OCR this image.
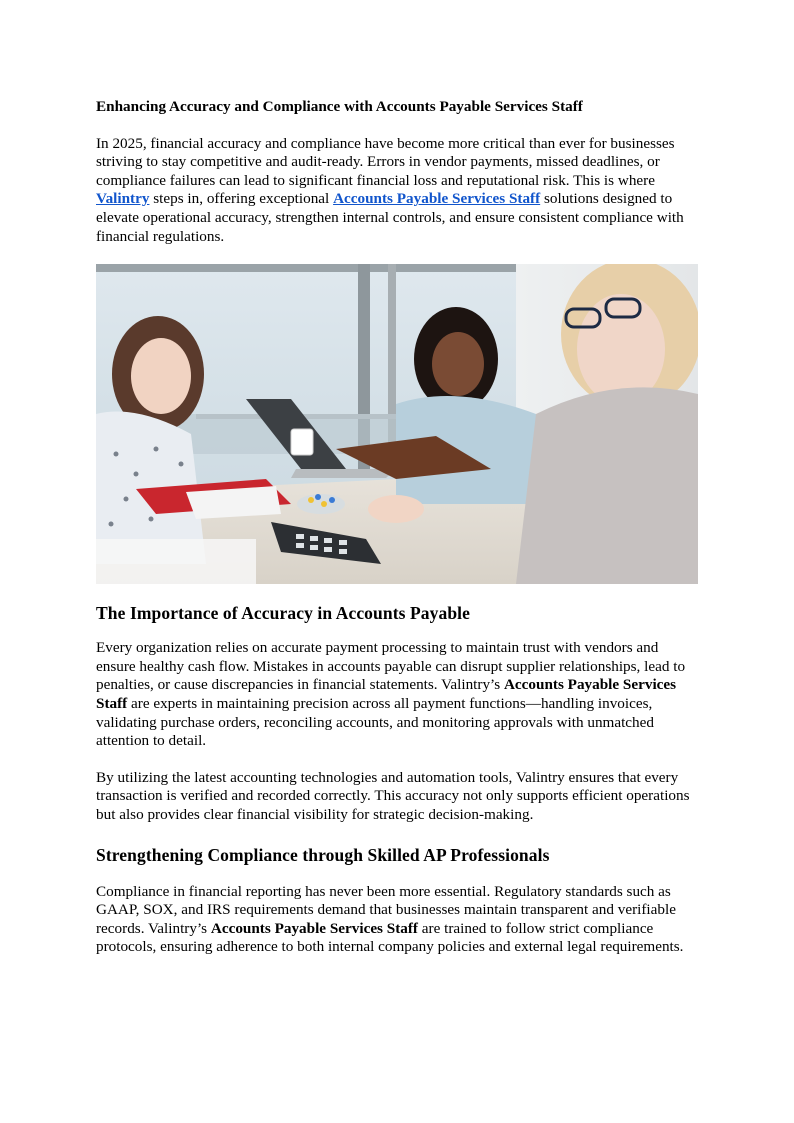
Enhancing Accuracy and Compliance with Accounts Payable Services Staff

In 2025, financial accuracy and compliance have become more critical than ever for businesses striving to stay competitive and audit-ready. Errors in vendor payments, missed deadlines, or compliance failures can lead to significant financial loss and reputational risk. This is where Valintry steps in, offering exceptional Accounts Payable Services Staff solutions designed to elevate operational accuracy, strengthen internal controls, and ensure consistent compliance with financial regulations.

The Importance of Accuracy in Accounts Payable

Every organization relies on accurate payment processing to maintain trust with vendors and ensure healthy cash flow. Mistakes in accounts payable can disrupt supplier relationships, lead to penalties, or cause discrepancies in financial statements. Valintry’s Accounts Payable Services Staff are experts in maintaining precision across all payment functions—handling invoices, validating purchase orders, reconciling accounts, and monitoring approvals with unmatched attention to detail.

By utilizing the latest accounting technologies and automation tools, Valintry ensures that every transaction is verified and recorded correctly. This accuracy not only supports efficient operations but also provides clear financial visibility for strategic decision-making.

Strengthening Compliance through Skilled AP Professionals

Compliance in financial reporting has never been more essential. Regulatory standards such as GAAP, SOX, and IRS requirements demand that businesses maintain transparent and verifiable records. Valintry’s Accounts Payable Services Staff are trained to follow strict compliance protocols, ensuring adherence to both internal company policies and external legal requirements.
